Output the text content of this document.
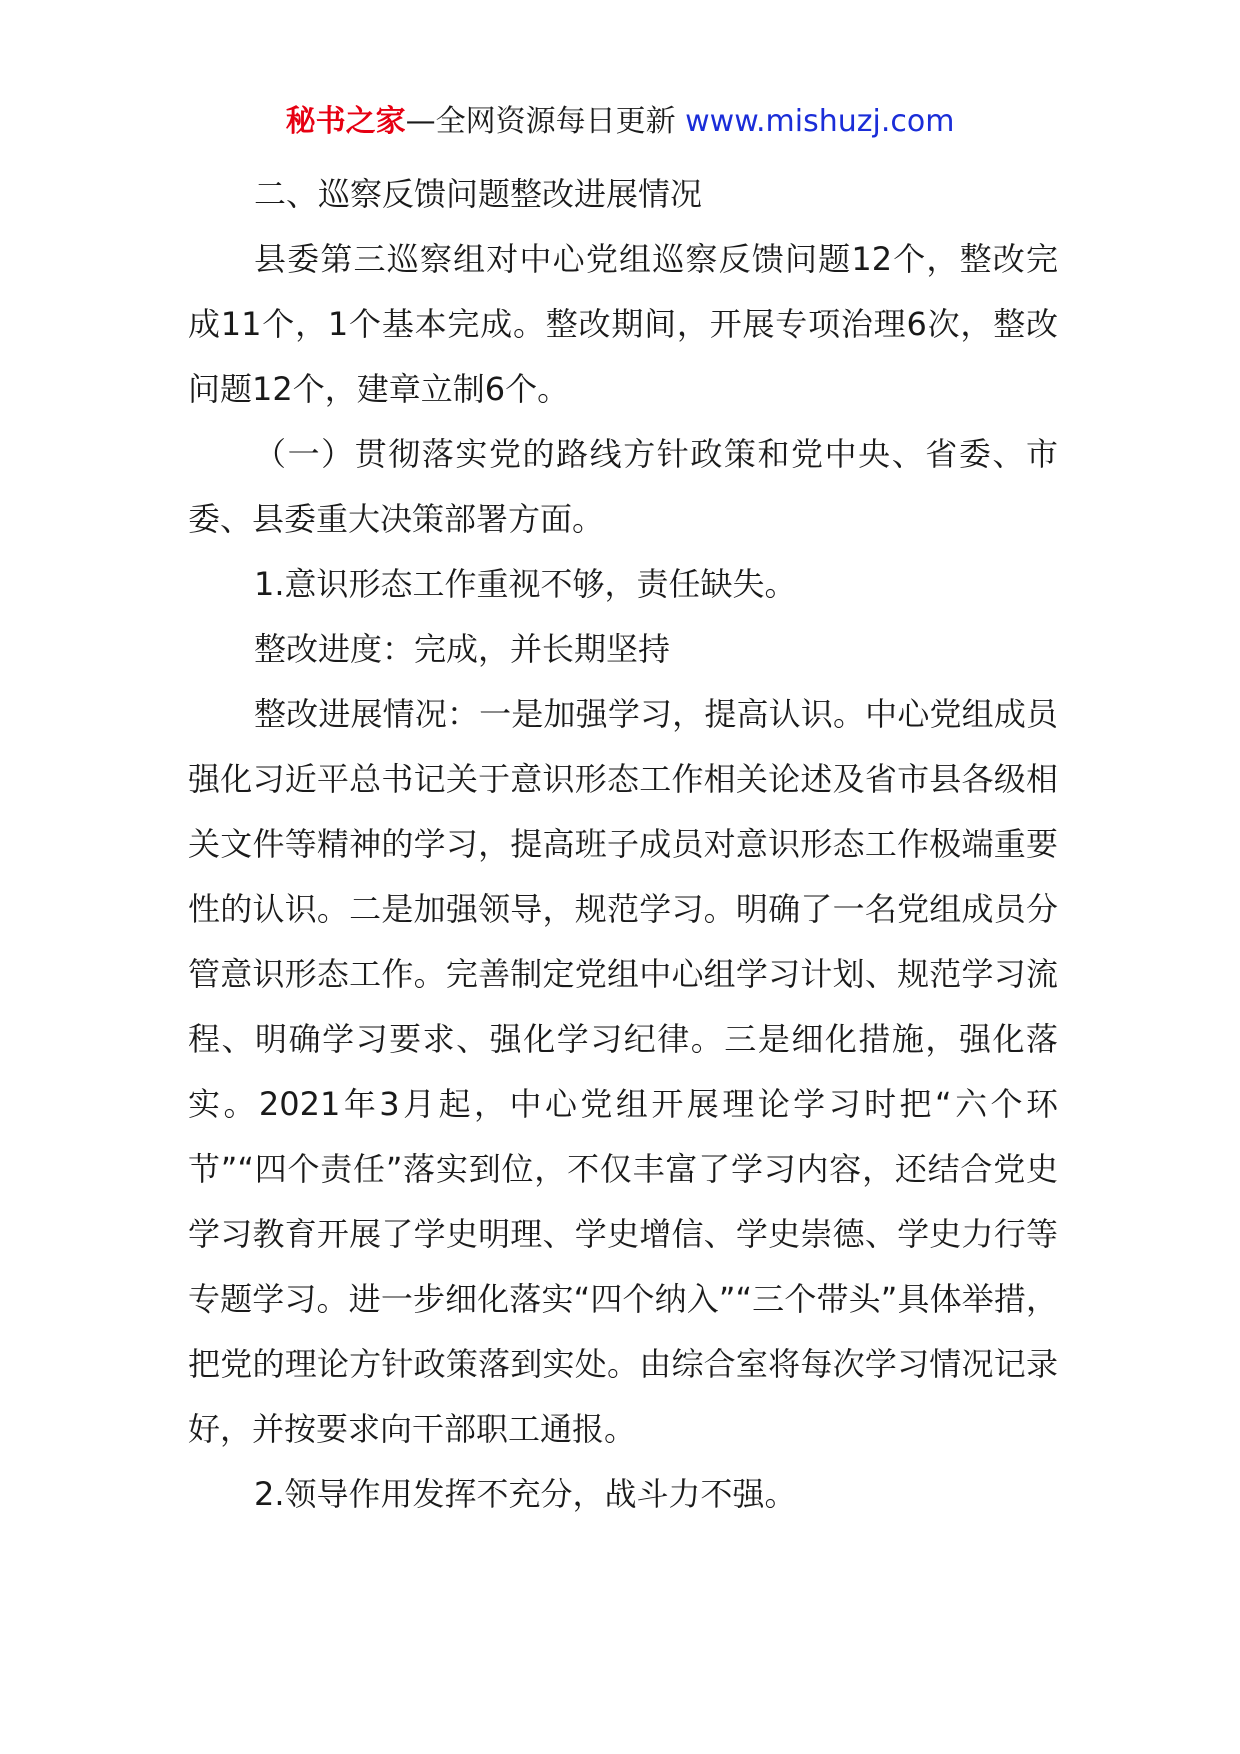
秘书之家—全网资源每日更新 www.mishuzj.com

二、巡察反馈问题整改进展情况

县委第三巡察组对中心党组巡察反馈问题12个，整改完成11个，1个基本完成。整改期间，开展专项治理6次，整改问题12个，建章立制6个。

（一）贯彻落实党的路线方针政策和党中央、省委、市委、县委重大决策部署方面。

1.意识形态工作重视不够，责任缺失。

整改进度：完成，并长期坚持

整改进展情况：一是加强学习，提高认识。中心党组成员强化习近平总书记关于意识形态工作相关论述及省市县各级相关文件等精神的学习，提高班子成员对意识形态工作极端重要性的认识。二是加强领导，规范学习。明确了一名党组成员分管意识形态工作。完善制定党组中心组学习计划、规范学习流程、明确学习要求、强化学习纪律。三是细化措施，强化落实。2021年3月起，中心党组开展理论学习时把“六个环节”“四个责任”落实到位，不仅丰富了学习内容，还结合党史学习教育开展了学史明理、学史增信、学史崇德、学史力行等专题学习。进一步细化落实“四个纳入”“三个带头”具体举措，把党的理论方针政策落到实处。由综合室将每次学习情况记录好，并按要求向干部职工通报。

2.领导作用发挥不充分，战斗力不强。
